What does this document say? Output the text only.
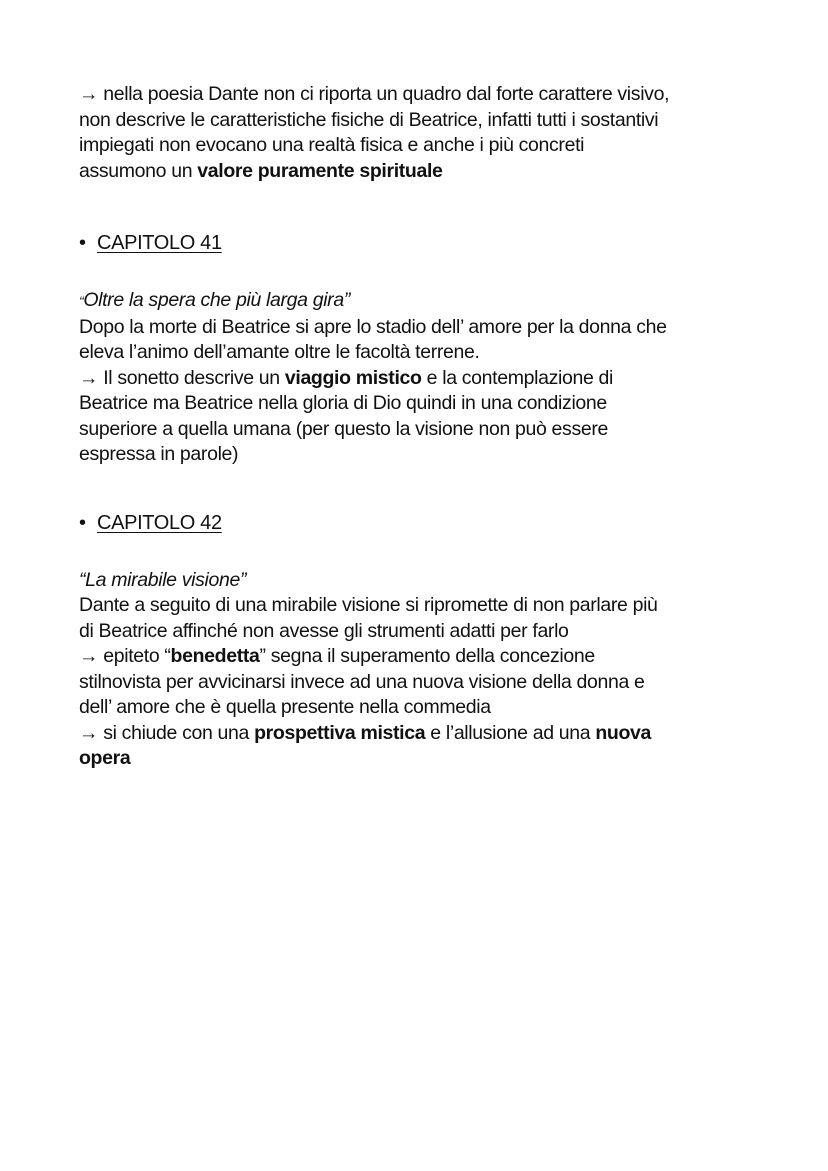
→ nella poesia Dante non ci riporta un quadro dal forte carattere visivo,
non descrive le caratteristiche fisiche di Beatrice, infatti tutti i sostantivi
impiegati non evocano una realtà fisica e anche i più concreti
assumono un valore puramente spirituale

• CAPITOLO 41

“Oltre la spera che più larga gira”
Dopo la morte di Beatrice si apre lo stadio dell’ amore per la donna che
eleva l’animo dell’amante oltre le facoltà terrene.
→ Il sonetto descrive un viaggio mistico e la contemplazione di
Beatrice ma Beatrice nella gloria di Dio quindi in una condizione
superiore a quella umana (per questo la visione non può essere
espressa in parole)

• CAPITOLO 42

“La mirabile visione”
Dante a seguito di una mirabile visione si ripromette di non parlare più
di Beatrice affinché non avesse gli strumenti adatti per farlo
→ epiteto “benedetta” segna il superamento della concezione
stilnovista per avvicinarsi invece ad una nuova visione della donna e
dell’ amore che è quella presente nella commedia
→ si chiude con una prospettiva mistica e l’allusione ad una nuova
opera
